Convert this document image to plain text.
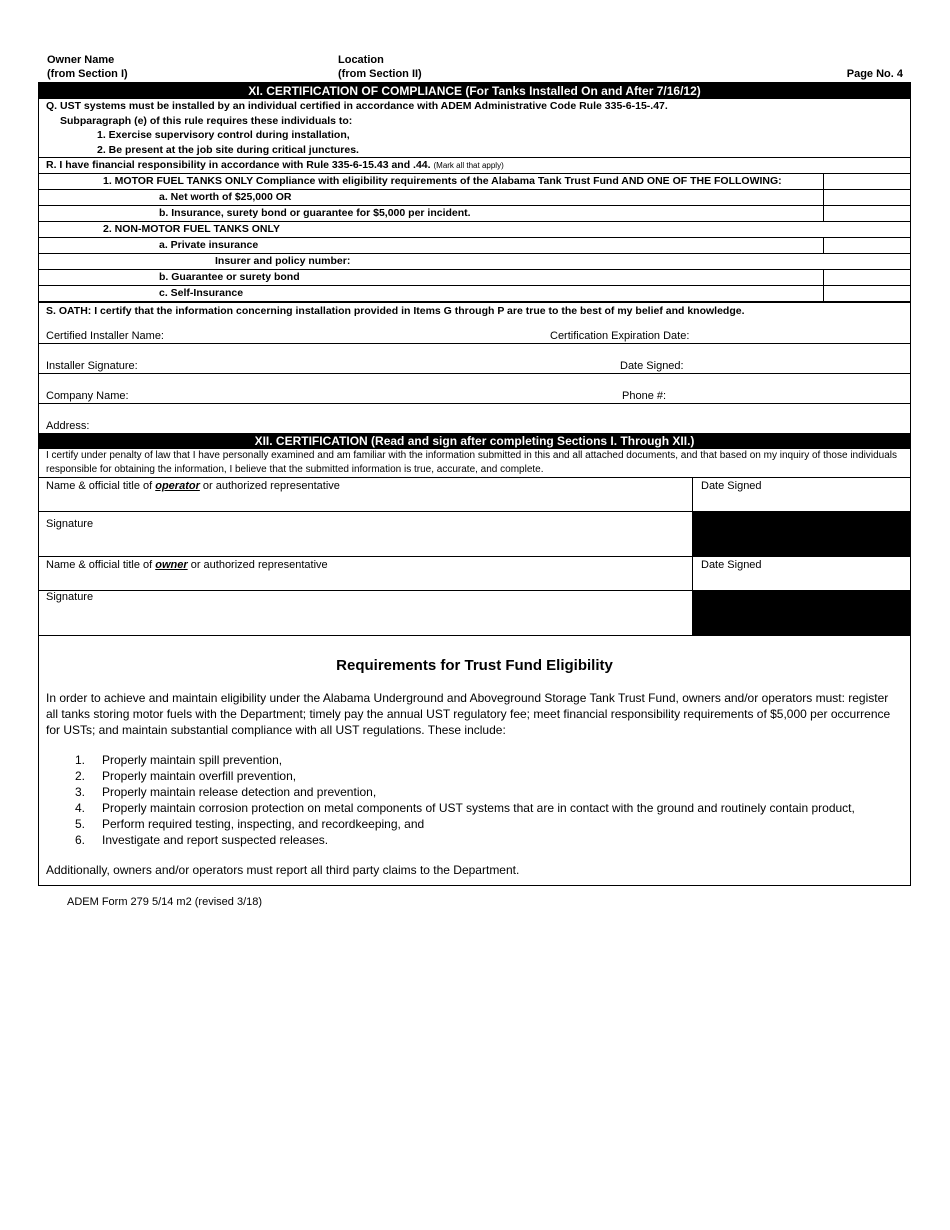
Owner Name
(from Section I)
Location
(from Section II)	Page No. 4
XI. CERTIFICATION OF COMPLIANCE (For Tanks Installed On and After 7/16/12)
Q. UST systems must be installed by an individual certified in accordance with ADEM Administrative Code Rule 335-6-15-.47.
Subparagraph (e) of this rule requires these individuals to:
1. Exercise supervisory control during installation,
2. Be present at the job site during critical junctures.
R. I have financial responsibility in accordance with Rule 335-6-15.43 and .44. (Mark all that apply)
1. MOTOR FUEL TANKS ONLY Compliance with eligibility requirements of the Alabama Tank Trust Fund AND ONE OF THE FOLLOWING:
a. Net worth of $25,000 OR
b. Insurance, surety bond or guarantee for $5,000 per incident.
2. NON-MOTOR FUEL TANKS ONLY
a. Private insurance
Insurer and policy number:
b. Guarantee or surety bond
c. Self-Insurance
S. OATH: I certify that the information concerning installation provided in Items G through P are true to the best of my belief and knowledge.
Certified Installer Name:	Certification Expiration Date:
Installer Signature:	Date Signed:
Company Name:	Phone #:
Address:
XII. CERTIFICATION (Read and sign after completing Sections I. Through XII.)
I certify under penalty of law that I have personally examined and am familiar with the information submitted in this and all attached documents, and that based on my inquiry of those individuals responsible for obtaining the information, I believe that the submitted information is true, accurate, and complete.
Name & official title of operator or authorized representative	Date Signed
Signature
Name & official title of owner or authorized representative	Date Signed
Signature
Requirements for Trust Fund Eligibility

In order to achieve and maintain eligibility under the Alabama Underground and Aboveground Storage Tank Trust Fund, owners and/or operators must: register all tanks storing motor fuels with the Department; timely pay the annual UST regulatory fee; meet financial responsibility requirements of $5,000 per occurrence for USTs; and maintain substantial compliance with all UST regulations. These include:

1.	Properly maintain spill prevention,
2.	Properly maintain overfill prevention,
3.	Properly maintain release detection and prevention,
4.	Properly maintain corrosion protection on metal components of UST systems that are in contact with the ground and routinely contain product,
5.	Perform required testing, inspecting, and recordkeeping, and
6.	Investigate and report suspected releases.

Additionally, owners and/or operators must report all third party claims to the Department.

ADEM Form 279 5/14 m2 (revised 3/18)
